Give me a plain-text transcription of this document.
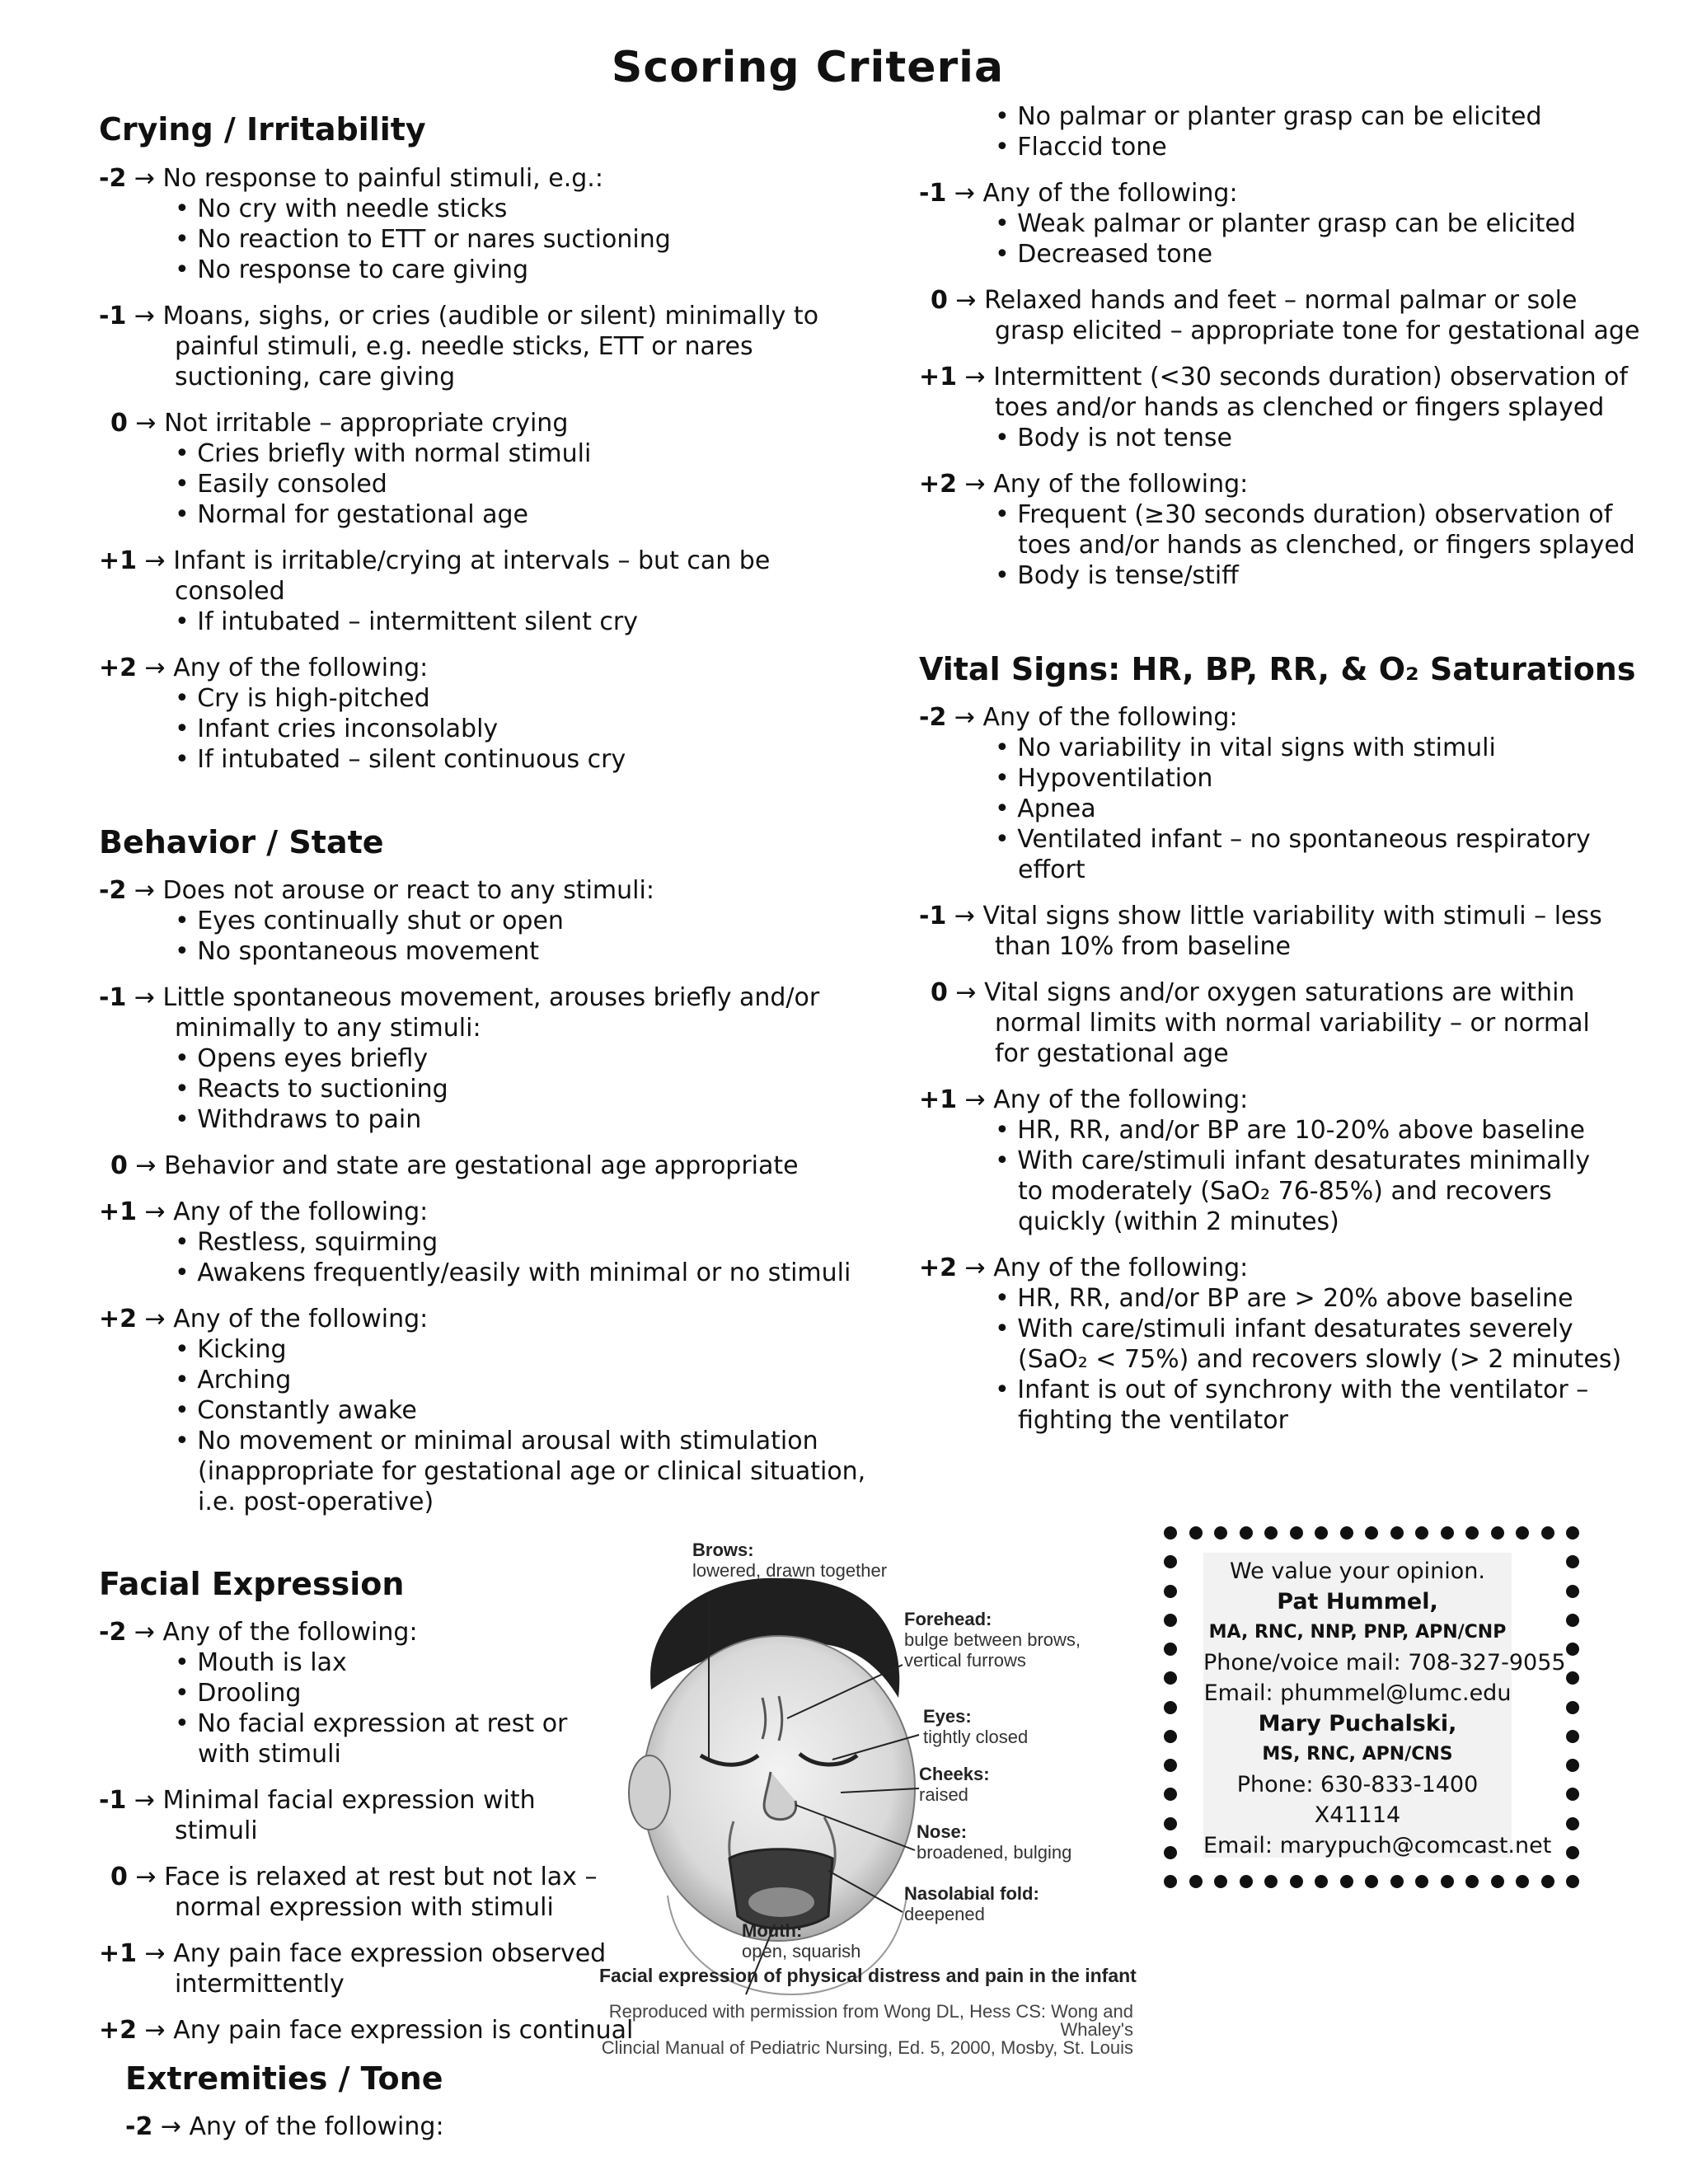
Scoring Criteria
Crying / Irritability
-2 → No response to painful stimuli, e.g.:
• No cry with needle sticks
• No reaction to ETT or nares suctioning
• No response to care giving
-1 → Moans, sighs, or cries (audible or silent) minimally to
painful stimuli, e.g. needle sticks, ETT or nares
suctioning, care giving
0 → Not irritable – appropriate crying
• Cries briefly with normal stimuli
• Easily consoled
• Normal for gestational age
+1 → Infant is irritable/crying at intervals – but can be
consoled
• If intubated – intermittent silent cry
+2 → Any of the following:
• Cry is high-pitched
• Infant cries inconsolably
• If intubated – silent continuous cry
Behavior / State
-2 → Does not arouse or react to any stimuli:
• Eyes continually shut or open
• No spontaneous movement
-1 → Little spontaneous movement, arouses briefly and/or
minimally to any stimuli:
• Opens eyes briefly
• Reacts to suctioning
• Withdraws to pain
0 → Behavior and state are gestational age appropriate
+1 → Any of the following:
• Restless, squirming
• Awakens frequently/easily with minimal or no stimuli
+2 → Any of the following:
• Kicking
• Arching
• Constantly awake
• No movement or minimal arousal with stimulation
(inappropriate for gestational age or clinical situation,
i.e. post-operative)
Facial Expression
-2 → Any of the following:
• Mouth is lax
• Drooling
• No facial expression at rest or
with stimuli
-1 → Minimal facial expression with
stimuli
0 → Face is relaxed at rest but not lax –
normal expression with stimuli
+1 → Any pain face expression observed
intermittently
+2 → Any pain face expression is continual
Extremities / Tone
-2 → Any of the following:
• No palmar or planter grasp can be elicited
• Flaccid tone
-1 → Any of the following:
• Weak palmar or planter grasp can be elicited
• Decreased tone
0 → Relaxed hands and feet – normal palmar or sole
grasp elicited – appropriate tone for gestational age
+1 → Intermittent (<30 seconds duration) observation of
toes and/or hands as clenched or fingers splayed
• Body is not tense
+2 → Any of the following:
• Frequent (≥30 seconds duration) observation of
toes and/or hands as clenched, or fingers splayed
• Body is tense/stiff
Vital Signs: HR, BP, RR, & O₂ Saturations
-2 → Any of the following:
• No variability in vital signs with stimuli
• Hypoventilation
• Apnea
• Ventilated infant – no spontaneous respiratory
effort
-1 → Vital signs show little variability with stimuli – less
than 10% from baseline
0 → Vital signs and/or oxygen saturations are within
normal limits with normal variability – or normal
for gestational age
+1 → Any of the following:
• HR, RR, and/or BP are 10-20% above baseline
• With care/stimuli infant desaturates minimally
to moderately (SaO₂ 76-85%) and recovers
quickly (within 2 minutes)
+2 → Any of the following:
• HR, RR, and/or BP are > 20% above baseline
• With care/stimuli infant desaturates severely
(SaO₂ < 75%) and recovers slowly (> 2 minutes)
• Infant is out of synchrony with the ventilator –
fighting the ventilator
Brows:
lowered, drawn together
Forehead:
bulge between brows,
vertical furrows
Eyes:
tightly closed
Cheeks:
raised
Nose:
broadened, bulging
Nasolabial fold:
deepened
Mouth:
open, squarish
Facial expression of physical distress and pain in the infant
Reproduced with permission from Wong DL, Hess CS: Wong and Whaley's
Clincial Manual of Pediatric Nursing, Ed. 5, 2000, Mosby, St. Louis
We value your opinion.
Pat Hummel,
MA, RNC, NNP, PNP, APN/CNP
Phone/voice mail: 708-327-9055
Email: phummel@lumc.edu
Mary Puchalski,
MS, RNC, APN/CNS
Phone: 630-833-1400
X41114
Email: marypuch@comcast.net
